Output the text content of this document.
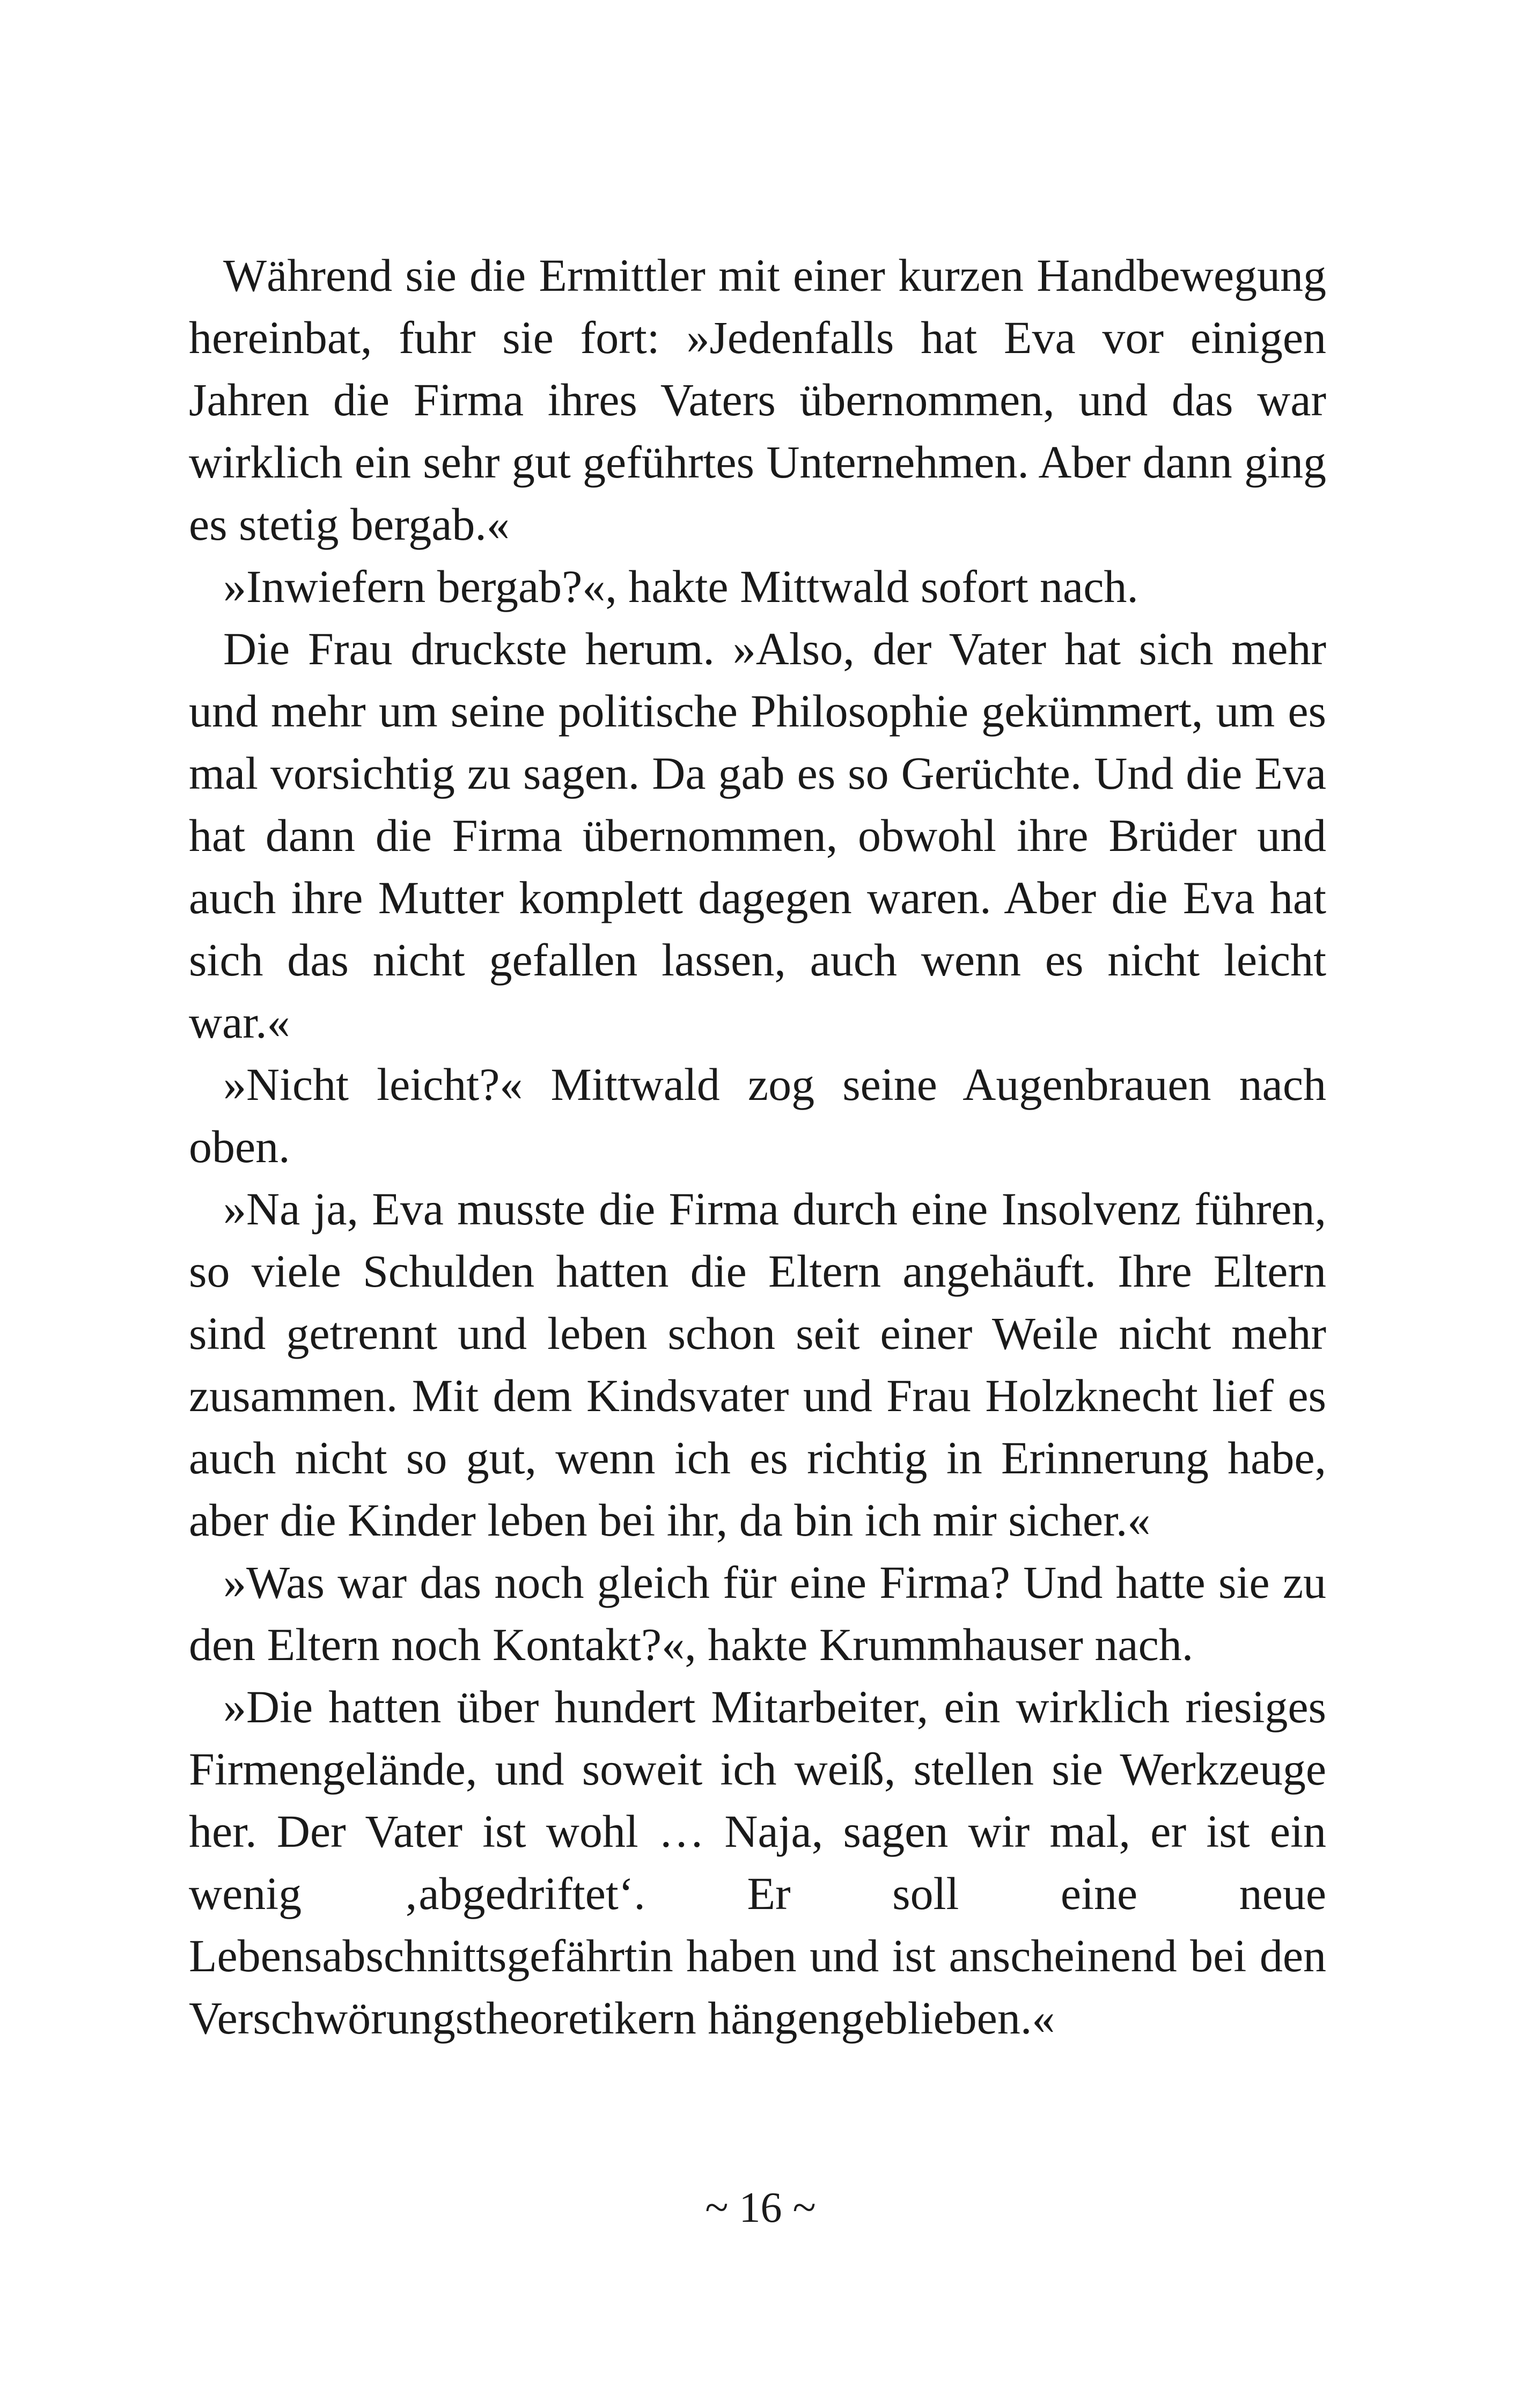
Während sie die Ermittler mit einer kurzen Handbewegung hereinbat, fuhr sie fort: »Jedenfalls hat Eva vor einigen Jahren die Firma ihres Vaters übernommen, und das war wirklich ein sehr gut geführtes Unternehmen. Aber dann ging es stetig bergab.«

»Inwiefern bergab?«, hakte Mittwald sofort nach.

Die Frau druckste herum. »Also, der Vater hat sich mehr und mehr um seine politische Philosophie gekümmert, um es mal vorsichtig zu sagen. Da gab es so Gerüchte. Und die Eva hat dann die Firma übernommen, obwohl ihre Brüder und auch ihre Mutter komplett dagegen waren. Aber die Eva hat sich das nicht gefallen lassen, auch wenn es nicht leicht war.«

»Nicht leicht?« Mittwald zog seine Augenbrauen nach oben.

»Na ja, Eva musste die Firma durch eine Insolvenz führen, so viele Schulden hatten die Eltern angehäuft. Ihre Eltern sind getrennt und leben schon seit einer Weile nicht mehr zusammen. Mit dem Kindsvater und Frau Holzknecht lief es auch nicht so gut, wenn ich es richtig in Erinnerung habe, aber die Kinder leben bei ihr, da bin ich mir sicher.«

»Was war das noch gleich für eine Firma? Und hatte sie zu den Eltern noch Kontakt?«, hakte Krummhauser nach.

»Die hatten über hundert Mitarbeiter, ein wirklich riesiges Firmengelände, und soweit ich weiß, stellen sie Werkzeuge her. Der Vater ist wohl … Naja, sagen wir mal, er ist ein wenig ‚abgedriftet‘. Er soll eine neue Lebensabschnittsgefährtin haben und ist anscheinend bei den Verschwörungstheoretikern hängengeblieben.«

~ 16 ~
